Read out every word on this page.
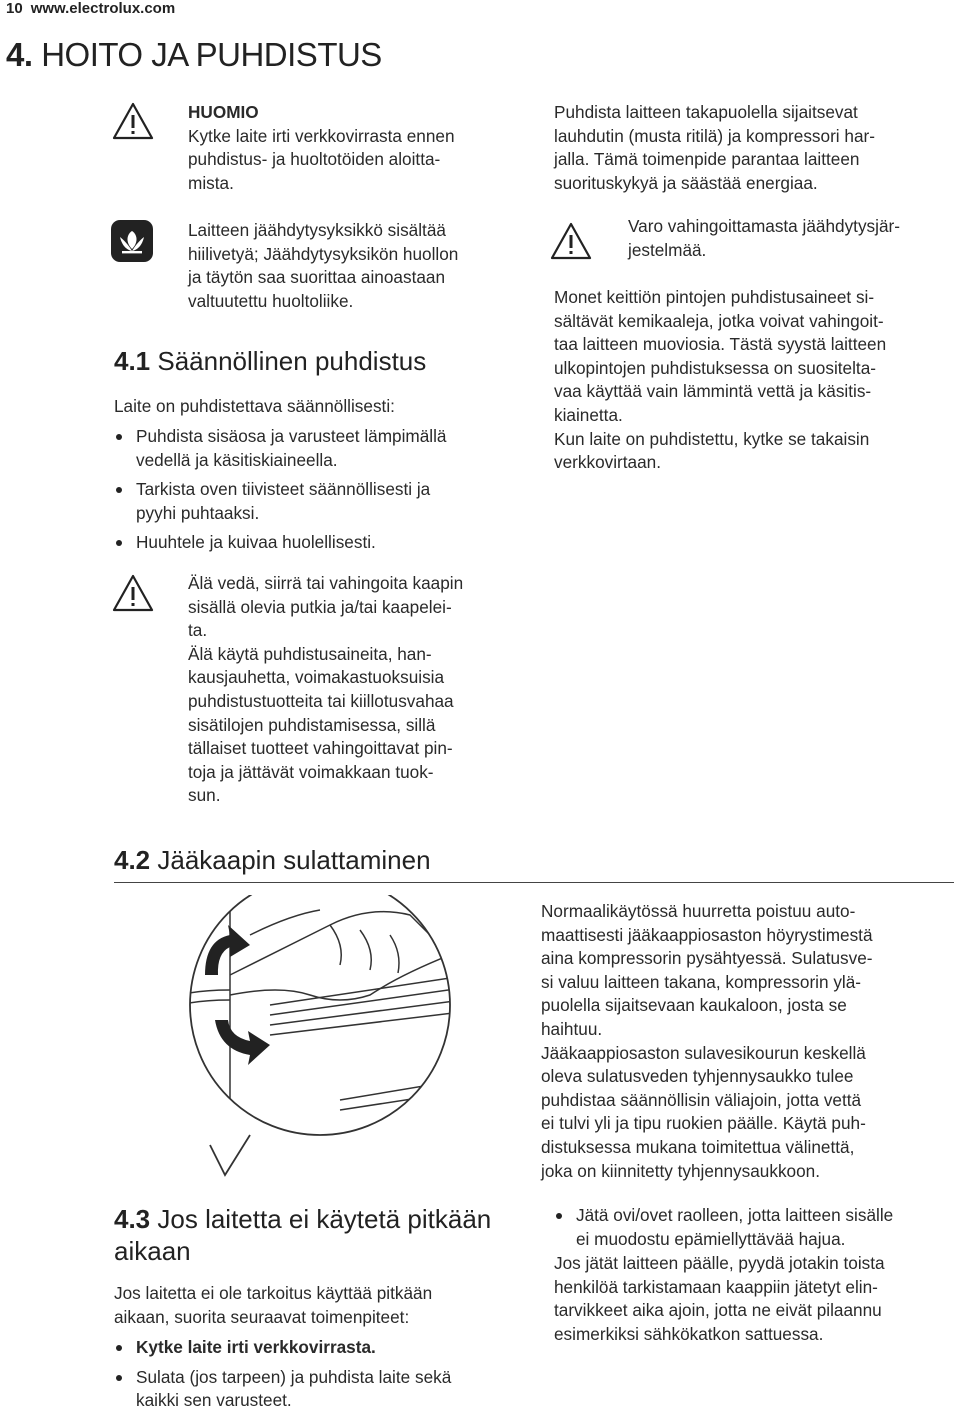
10 www.electrolux.com
4. HOITO JA PUHDISTUS
HUOMIO
Kytke laite irti verkkovirrasta ennen
puhdistus- ja huoltotöiden aloitta-
mista.
Laitteen jäähdytysyksikkö sisältää
hiilivetyä; Jäähdytysyksikön huollon
ja täytön saa suorittaa ainoastaan
valtuutettu huoltoliike.
4.1 Säännöllinen puhdistus
Laite on puhdistettava säännöllisesti:
Puhdista sisäosa ja varusteet lämpimällä
vedellä ja käsitiskiaineella.
Tarkista oven tiivisteet säännöllisesti ja
pyyhi puhtaaksi.
Huuhtele ja kuivaa huolellisesti.
Älä vedä, siirrä tai vahingoita kaapin
sisällä olevia putkia ja/tai kaapelei-
ta.
Älä käytä puhdistusaineita, han-
kausjauhetta, voimakastuoksuisia
puhdistustuotteita tai kiillotusvahaa
sisätilojen puhdistamisessa, sillä
tällaiset tuotteet vahingoittavat pin-
toja ja jättävät voimakkaan tuok-
sun.
Puhdista laitteen takapuolella sijaitsevat
lauhdutin (musta ritilä) ja kompressori har-
jalla. Tämä toimenpide parantaa laitteen
suorituskykyä ja säästää energiaa.
Varo vahingoittamasta jäähdytysjär-
jestelmää.
Monet keittiön pintojen puhdistusaineet si-
sältävät kemikaaleja, jotka voivat vahingoit-
taa laitteen muoviosia. Tästä syystä laitteen
ulkopintojen puhdistuksessa on suositelta-
vaa käyttää vain lämmintä vettä ja käsitis-
kiainetta.
Kun laite on puhdistettu, kytke se takaisin
verkkovirtaan.
4.2 Jääkaapin sulattaminen
Normaalikäytössä huurretta poistuu auto-
maattisesti jääkaappiosaston höyrystimestä
aina kompressorin pysähtyessä. Sulatusve-
si valuu laitteen takana, kompressorin ylä-
puolella sijaitsevaan kaukaloon, josta se
haihtuu.
Jääkaappiosaston sulavesikourun keskellä
oleva sulatusveden tyhjennysaukko tulee
puhdistaa säännöllisin väliajoin, jotta vettä
ei tulvi yli ja tipu ruokien päälle. Käytä puh-
distuksessa mukana toimitettua välinettä,
joka on kiinnitetty tyhjennysaukkoon.
Jätä ovi/ovet raolleen, jotta laitteen sisälle
ei muodostu epämiellyttävää hajua.
Jos jätät laitteen päälle, pyydä jotakin toista
henkilöä tarkistamaan kaappiin jätetyt elin-
tarvikkeet aika ajoin, jotta ne eivät pilaannu
esimerkiksi sähkökatkon sattuessa.
4.3 Jos laitetta ei käytetä pitkään
aikaan
Jos laitetta ei ole tarkoitus käyttää pitkään
aikaan, suorita seuraavat toimenpiteet:
Kytke laite irti verkkovirrasta.
Sulata (jos tarpeen) ja puhdista laite sekä
kaikki sen varusteet.
